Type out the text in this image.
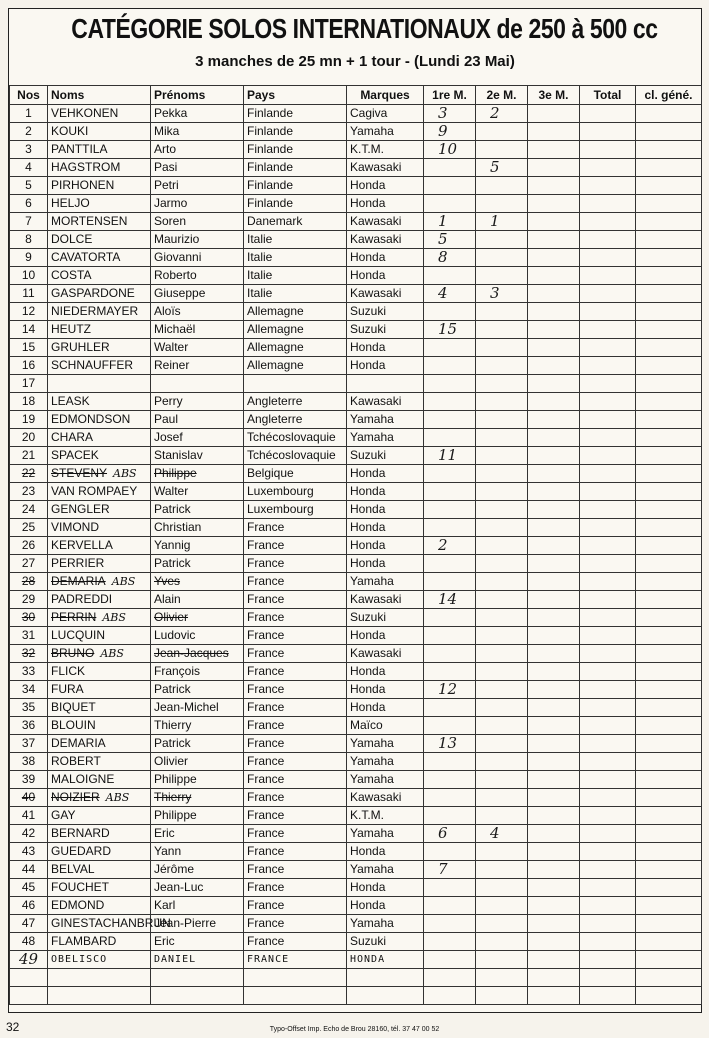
CATÉGORIE SOLOS INTERNATIONAUX de 250 à 500 cc
3 manches de 25 mn + 1 tour - (Lundi 23 Mai)
Nos	Noms	Prénoms	Pays	Marques	1re M.	2e M.	3e M.	Total	cl. géné.
1	VEHKONEN	Pekka	Finlande	Cagiva	3	2			
2	KOUKI	Mika	Finlande	Yamaha	9				
3	PANTTILA	Arto	Finlande	K.T.M.	10				
4	HAGSTROM	Pasi	Finlande	Kawasaki		5			
5	PIRHONEN	Petri	Finlande	Honda					
6	HELJO	Jarmo	Finlande	Honda					
7	MORTENSEN	Soren	Danemark	Kawasaki	1	1			
8	DOLCE	Maurizio	Italie	Kawasaki	5				
9	CAVATORTA	Giovanni	Italie	Honda	8				
10	COSTA	Roberto	Italie	Honda					
11	GASPARDONE	Giuseppe	Italie	Kawasaki	4	3			
12	NIEDERMAYER	Aloïs	Allemagne	Suzuki					
14	HEUTZ	Michaël	Allemagne	Suzuki	15				
15	GRUHLER	Walter	Allemagne	Honda					
16	SCHNAUFFER	Reiner	Allemagne	Honda					
17									
18	LEASK	Perry	Angleterre	Kawasaki					
19	EDMONDSON	Paul	Angleterre	Yamaha					
20	CHARA	Josef	Tchécoslovaquie	Yamaha					
21	SPACEK	Stanislav	Tchécoslovaquie	Suzuki	11				
22	STEVENY ABS	Philippe	Belgique	Honda					
23	VAN ROMPAEY	Walter	Luxembourg	Honda					
24	GENGLER	Patrick	Luxembourg	Honda					
25	VIMOND	Christian	France	Honda					
26	KERVELLA	Yannig	France	Honda	2				
27	PERRIER	Patrick	France	Honda					
28	DEMARIA ABS	Yves	France	Yamaha					
29	PADREDDI	Alain	France	Kawasaki	14				
30	PERRIN ABS	Olivier	France	Suzuki					
31	LUCQUIN	Ludovic	France	Honda					
32	BRUNO ABS	Jean-Jacques	France	Kawasaki					
33	FLICK	François	France	Honda					
34	FURA	Patrick	France	Honda	12				
35	BIQUET	Jean-Michel	France	Honda					
36	BLOUIN	Thierry	France	Maïco					
37	DEMARIA	Patrick	France	Yamaha	13				
38	ROBERT	Olivier	France	Yamaha					
39	MALOIGNE	Philippe	France	Yamaha					
40	NOIZIER ABS	Thierry	France	Kawasaki					
41	GAY	Philippe	France	K.T.M.					
42	BERNARD	Eric	France	Yamaha	6	4			
43	GUEDARD	Yann	France	Honda					
44	BELVAL	Jérôme	France	Yamaha	7				
45	FOUCHET	Jean-Luc	France	Honda					
46	EDMOND	Karl	France	Honda					
47	GINESTACHANBRUN	Jean-Pierre	France	Yamaha					
48	FLAMBARD	Eric	France	Suzuki					
49	OBELISCO	DANIEL	FRANCE	HONDA					

32	Typo-Offset Imp. Echo de Brou 28160, tél. 37 47 00 52
